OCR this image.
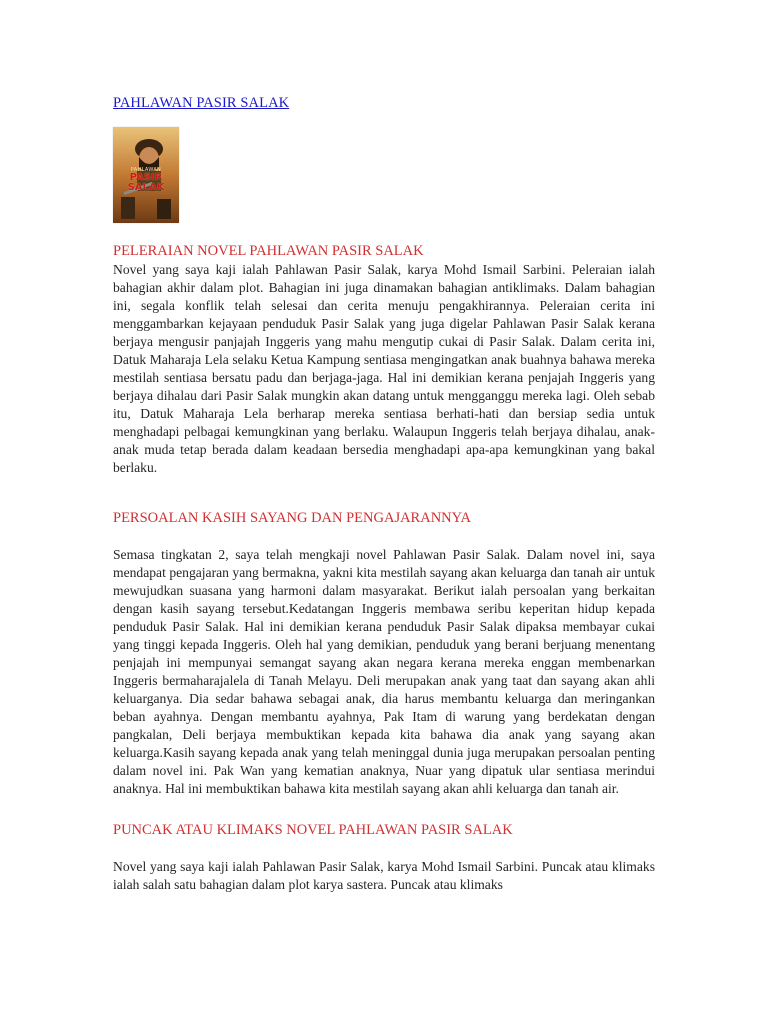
PAHLAWAN PASIR SALAK
PAHLAWAN
PASIR
SALAK
PELERAIAN NOVEL PAHLAWAN PASIR SALAK

Novel yang saya kaji ialah Pahlawan Pasir Salak, karya Mohd Ismail Sarbini. Peleraian ialah bahagian akhir dalam plot. Bahagian ini juga dinamakan bahagian antiklimaks. Dalam bahagian ini, segala konflik telah selesai dan cerita menuju pengakhirannya. Peleraian cerita ini menggambarkan kejayaan penduduk Pasir Salak yang juga digelar Pahlawan Pasir Salak kerana berjaya mengusir panjajah Inggeris yang mahu mengutip cukai di Pasir Salak. Dalam cerita ini, Datuk Maharaja Lela selaku Ketua Kampung sentiasa mengingatkan anak buahnya bahawa mereka mestilah sentiasa bersatu padu dan berjaga-jaga. Hal ini demikian kerana penjajah Inggeris yang berjaya dihalau dari Pasir Salak mungkin akan datang untuk mengganggu mereka lagi. Oleh sebab itu, Datuk Maharaja Lela berharap mereka sentiasa berhati-hati dan bersiap sedia untuk menghadapi pelbagai kemungkinan yang berlaku. Walaupun Inggeris telah berjaya dihalau, anak-anak muda tetap berada dalam keadaan bersedia menghadapi apa-apa kemungkinan yang bakal berlaku.

PERSOALAN KASIH SAYANG DAN PENGAJARANNYA

Semasa tingkatan 2, saya telah mengkaji novel Pahlawan Pasir Salak. Dalam novel ini, saya mendapat pengajaran yang bermakna, yakni kita mestilah sayang akan keluarga dan tanah air untuk mewujudkan suasana yang harmoni dalam masyarakat. Berikut ialah persoalan yang berkaitan dengan kasih sayang tersebut.Kedatangan Inggeris membawa seribu keperitan hidup kepada penduduk Pasir Salak. Hal ini demikian kerana penduduk Pasir Salak dipaksa membayar cukai yang tinggi kepada Inggeris. Oleh hal yang demikian, penduduk yang berani berjuang menentang penjajah ini mempunyai semangat sayang akan negara kerana mereka enggan membenarkan Inggeris bermaharajalela di Tanah Melayu. Deli merupakan anak yang taat dan sayang akan ahli keluarganya. Dia sedar bahawa sebagai anak, dia harus membantu keluarga dan meringankan beban ayahnya. Dengan membantu ayahnya, Pak Itam di warung yang berdekatan dengan pangkalan, Deli berjaya membuktikan kepada kita bahawa dia anak yang sayang akan keluarga.Kasih sayang kepada anak yang telah meninggal dunia juga merupakan persoalan penting dalam novel ini. Pak Wan yang kematian anaknya, Nuar yang dipatuk ular sentiasa merindui anaknya. Hal ini membuktikan bahawa kita mestilah sayang akan ahli keluarga dan tanah air.

PUNCAK ATAU KLIMAKS NOVEL PAHLAWAN PASIR SALAK

Novel yang saya kaji ialah Pahlawan Pasir Salak, karya Mohd Ismail Sarbini. Puncak atau klimaks ialah salah satu bahagian dalam plot karya sastera. Puncak atau klimaks
